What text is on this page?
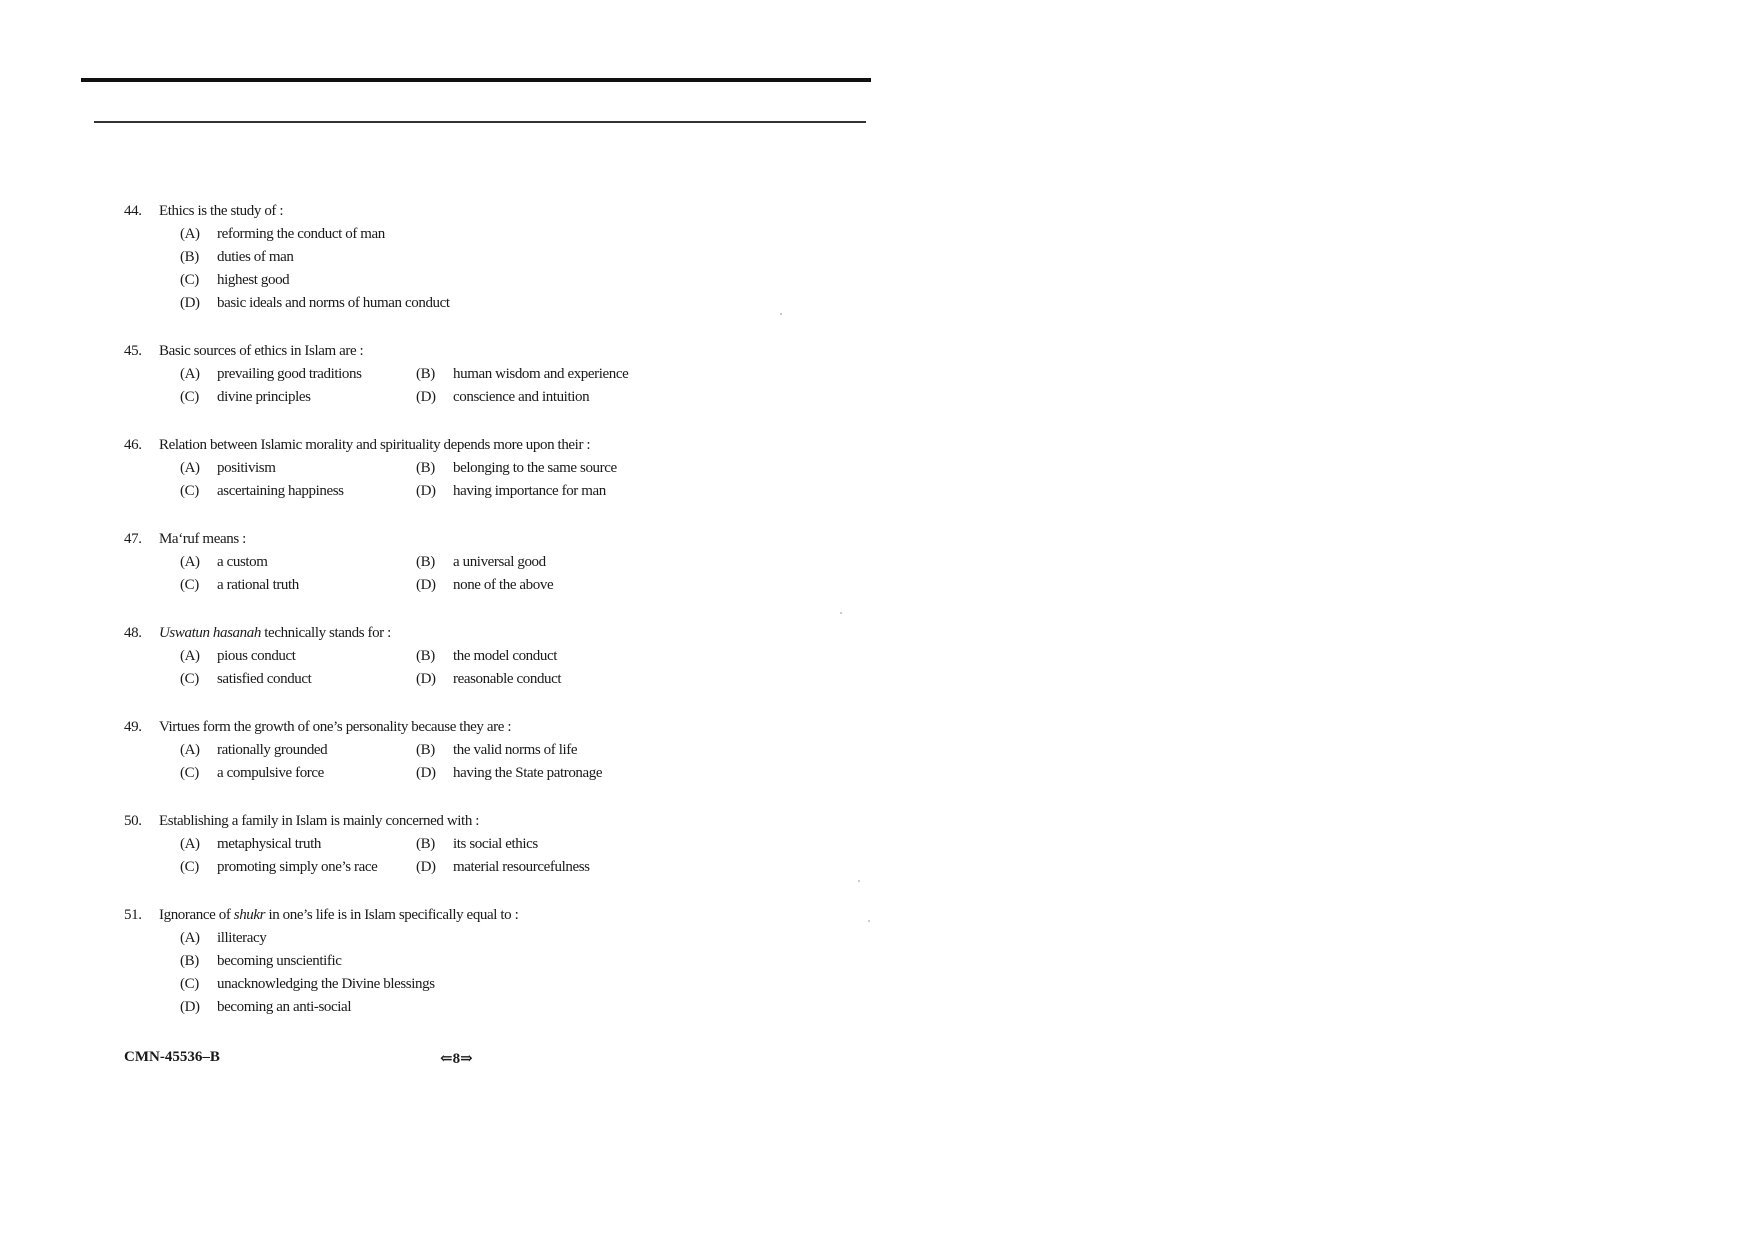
44.	Ethics is the study of :
(A)	reforming the conduct of man
(B)	duties of man
(C)	highest good
(D)	basic ideals and norms of human conduct
45.	Basic sources of ethics in Islam are :
(A)	prevailing good traditions	(B)	human wisdom and experience
(C)	divine principles	(D)	conscience and intuition
46.	Relation between Islamic morality and spirituality depends more upon their :
(A)	positivism	(B)	belonging to the same source
(C)	ascertaining happiness	(D)	having importance for man
47.	Ma‘ruf means :
(A)	a custom	(B)	a universal good
(C)	a rational truth	(D)	none of the above
48.	Uswatun hasanah technically stands for :
(A)	pious conduct	(B)	the model conduct
(C)	satisfied conduct	(D)	reasonable conduct
49.	Virtues form the growth of one’s personality because they are :
(A)	rationally grounded	(B)	the valid norms of life
(C)	a compulsive force	(D)	having the State patronage
50.	Establishing a family in Islam is mainly concerned with :
(A)	metaphysical truth	(B)	its social ethics
(C)	promoting simply one’s race	(D)	material resourcefulness
51.	Ignorance of shukr in one’s life is in Islam specifically equal to :
(A)	illiteracy
(B)	becoming unscientific
(C)	unacknowledging the Divine blessings
(D)	becoming an anti-social
CMN-45536–B	⇐8⇒
